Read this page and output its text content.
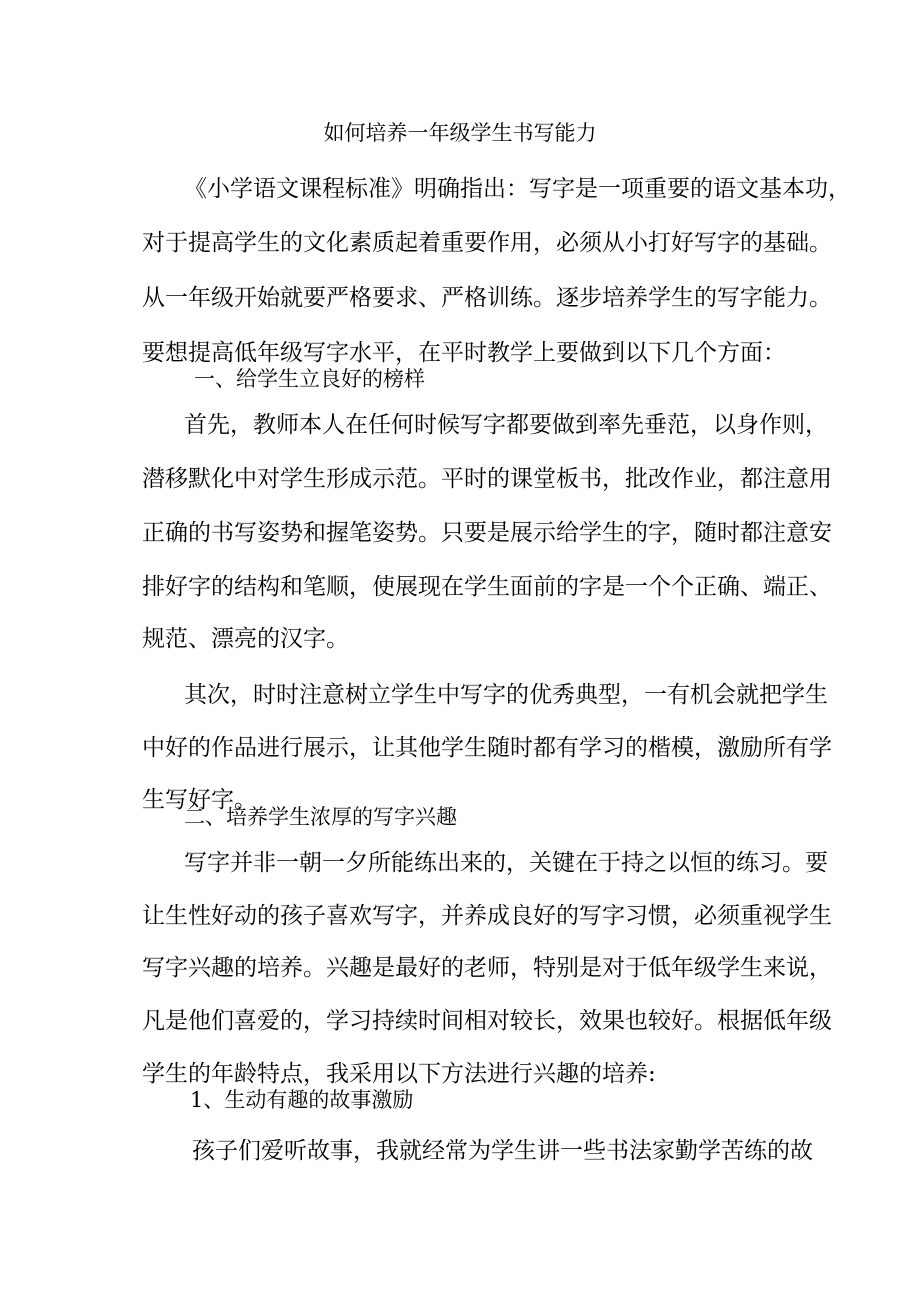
如何培养一年级学生书写能力
《小学语文课程标准》明确指出：写字是一项重要的语文基本功，
对于提高学生的文化素质起着重要作用，必须从小打好写字的基础。
从一年级开始就要严格要求、严格训练。逐步培养学生的写字能力。
要想提高低年级写字水平，在平时教学上要做到以下几个方面：
一、给学生立良好的榜样
首先，教师本人在任何时候写字都要做到率先垂范，以身作则，
潜移默化中对学生形成示范。平时的课堂板书，批改作业，都注意用
正确的书写姿势和握笔姿势。只要是展示给学生的字，随时都注意安
排好字的结构和笔顺，使展现在学生面前的字是一个个正确、端正、
规范、漂亮的汉字。
其次，时时注意树立学生中写字的优秀典型，一有机会就把学生
中好的作品进行展示，让其他学生随时都有学习的楷模，激励所有学
生写好字。
二、培养学生浓厚的写字兴趣
写字并非一朝一夕所能练出来的，关键在于持之以恒的练习。要
让生性好动的孩子喜欢写字，并养成良好的写字习惯，必须重视学生
写字兴趣的培养。兴趣是最好的老师，特别是对于低年级学生来说，
凡是他们喜爱的，学习持续时间相对较长，效果也较好。根据低年级
学生的年龄特点，我采用以下方法进行兴趣的培养:
1、生动有趣的故事激励
孩子们爱听故事，我就经常为学生讲一些书法家勤学苦练的故
